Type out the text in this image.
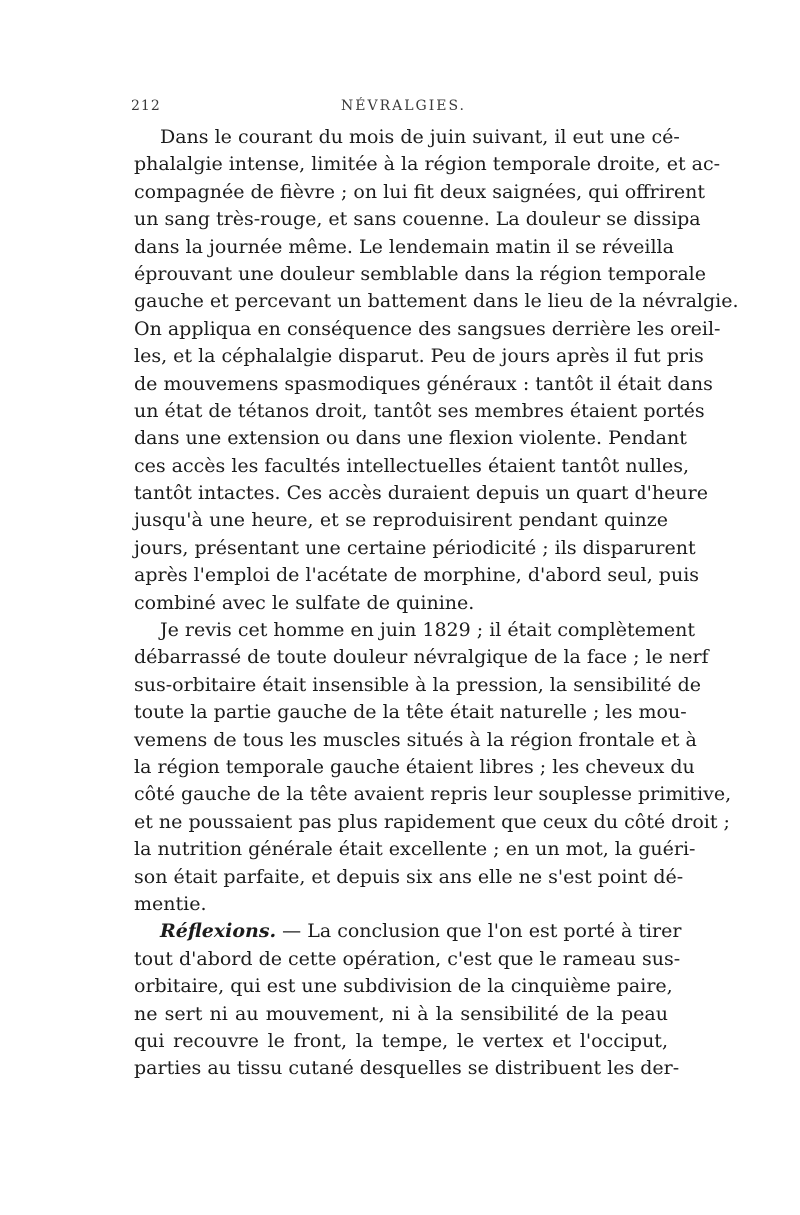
212	NÉVRALGIES.
Dans le courant du mois de juin suivant, il eut une cé-
phalalgie intense, limitée à la région temporale droite, et ac-
compagnée de fièvre ; on lui fit deux saignées, qui offrirent
un sang très-rouge, et sans couenne. La douleur se dissipa
dans la journée même. Le lendemain matin il se réveilla
éprouvant une douleur semblable dans la région temporale
gauche et percevant un battement dans le lieu de la névralgie.
On appliqua en conséquence des sangsues derrière les oreil-
les, et la céphalalgie disparut. Peu de jours après il fut pris
de mouvemens spasmodiques généraux : tantôt il était dans
un état de tétanos droit, tantôt ses membres étaient portés
dans une extension ou dans une flexion violente. Pendant
ces accès les facultés intellectuelles étaient tantôt nulles,
tantôt intactes. Ces accès duraient depuis un quart d'heure
jusqu'à une heure, et se reproduisirent pendant quinze
jours, présentant une certaine périodicité ; ils disparurent
après l'emploi de l'acétate de morphine, d'abord seul, puis
combiné avec le sulfate de quinine.
Je revis cet homme en juin 1829 ; il était complètement
débarrassé de toute douleur névralgique de la face ; le nerf
sus-orbitaire était insensible à la pression, la sensibilité de
toute la partie gauche de la tête était naturelle ; les mou-
vemens de tous les muscles situés à la région frontale et à
la région temporale gauche étaient libres ; les cheveux du
côté gauche de la tête avaient repris leur souplesse primitive,
et ne poussaient pas plus rapidement que ceux du côté droit ;
la nutrition générale était excellente ; en un mot, la guéri-
son était parfaite, et depuis six ans elle ne s'est point dé-
mentie.
Réflexions. — La conclusion que l'on est porté à tirer
tout d'abord de cette opération, c'est que le rameau sus-
orbitaire, qui est une subdivision de la cinquième paire,
ne sert ni au mouvement, ni à la sensibilité de la peau
qui recouvre le front, la tempe, le vertex et l'occiput,
parties au tissu cutané desquelles se distribuent les der-
